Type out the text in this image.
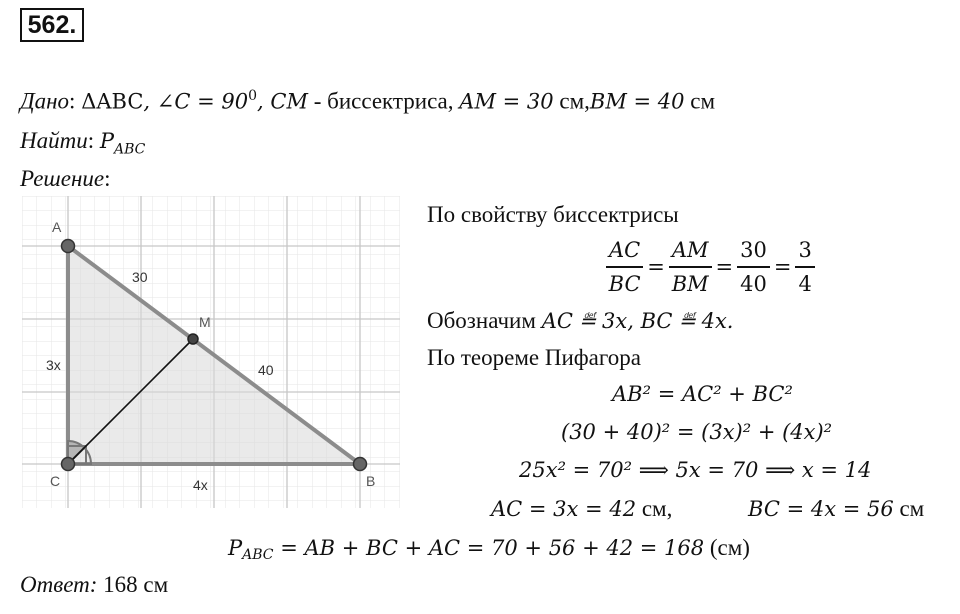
562.
Дано: ΔABC, ∠C = $90^0$, CM - биссектриса, AM = 30 см,BM = 40 см
Найти: $P_{ABC}$
Решение:
A
C	B
M
30
40
3x
4x
По свойству биссектрисы
$\frac{AC}{BC} = \frac{AM}{BM} = \frac{30}{40} = \frac{3}{4}$
Обозначим AC ≝ 3x, BC ≝ 4x.
По теореме Пифагора
AB² = AC² + BC²
(30 + 40)² = (3x)² + (4x)²
25x² = 70² ⟹ 5x = 70 ⟹ x = 14
AC = 3x = 42 см,	BC = 4x = 56 см
$P_{ABC}$ = AB + BC + AC = 70 + 56 + 42 = 168 (см)
Ответ: 168 см
